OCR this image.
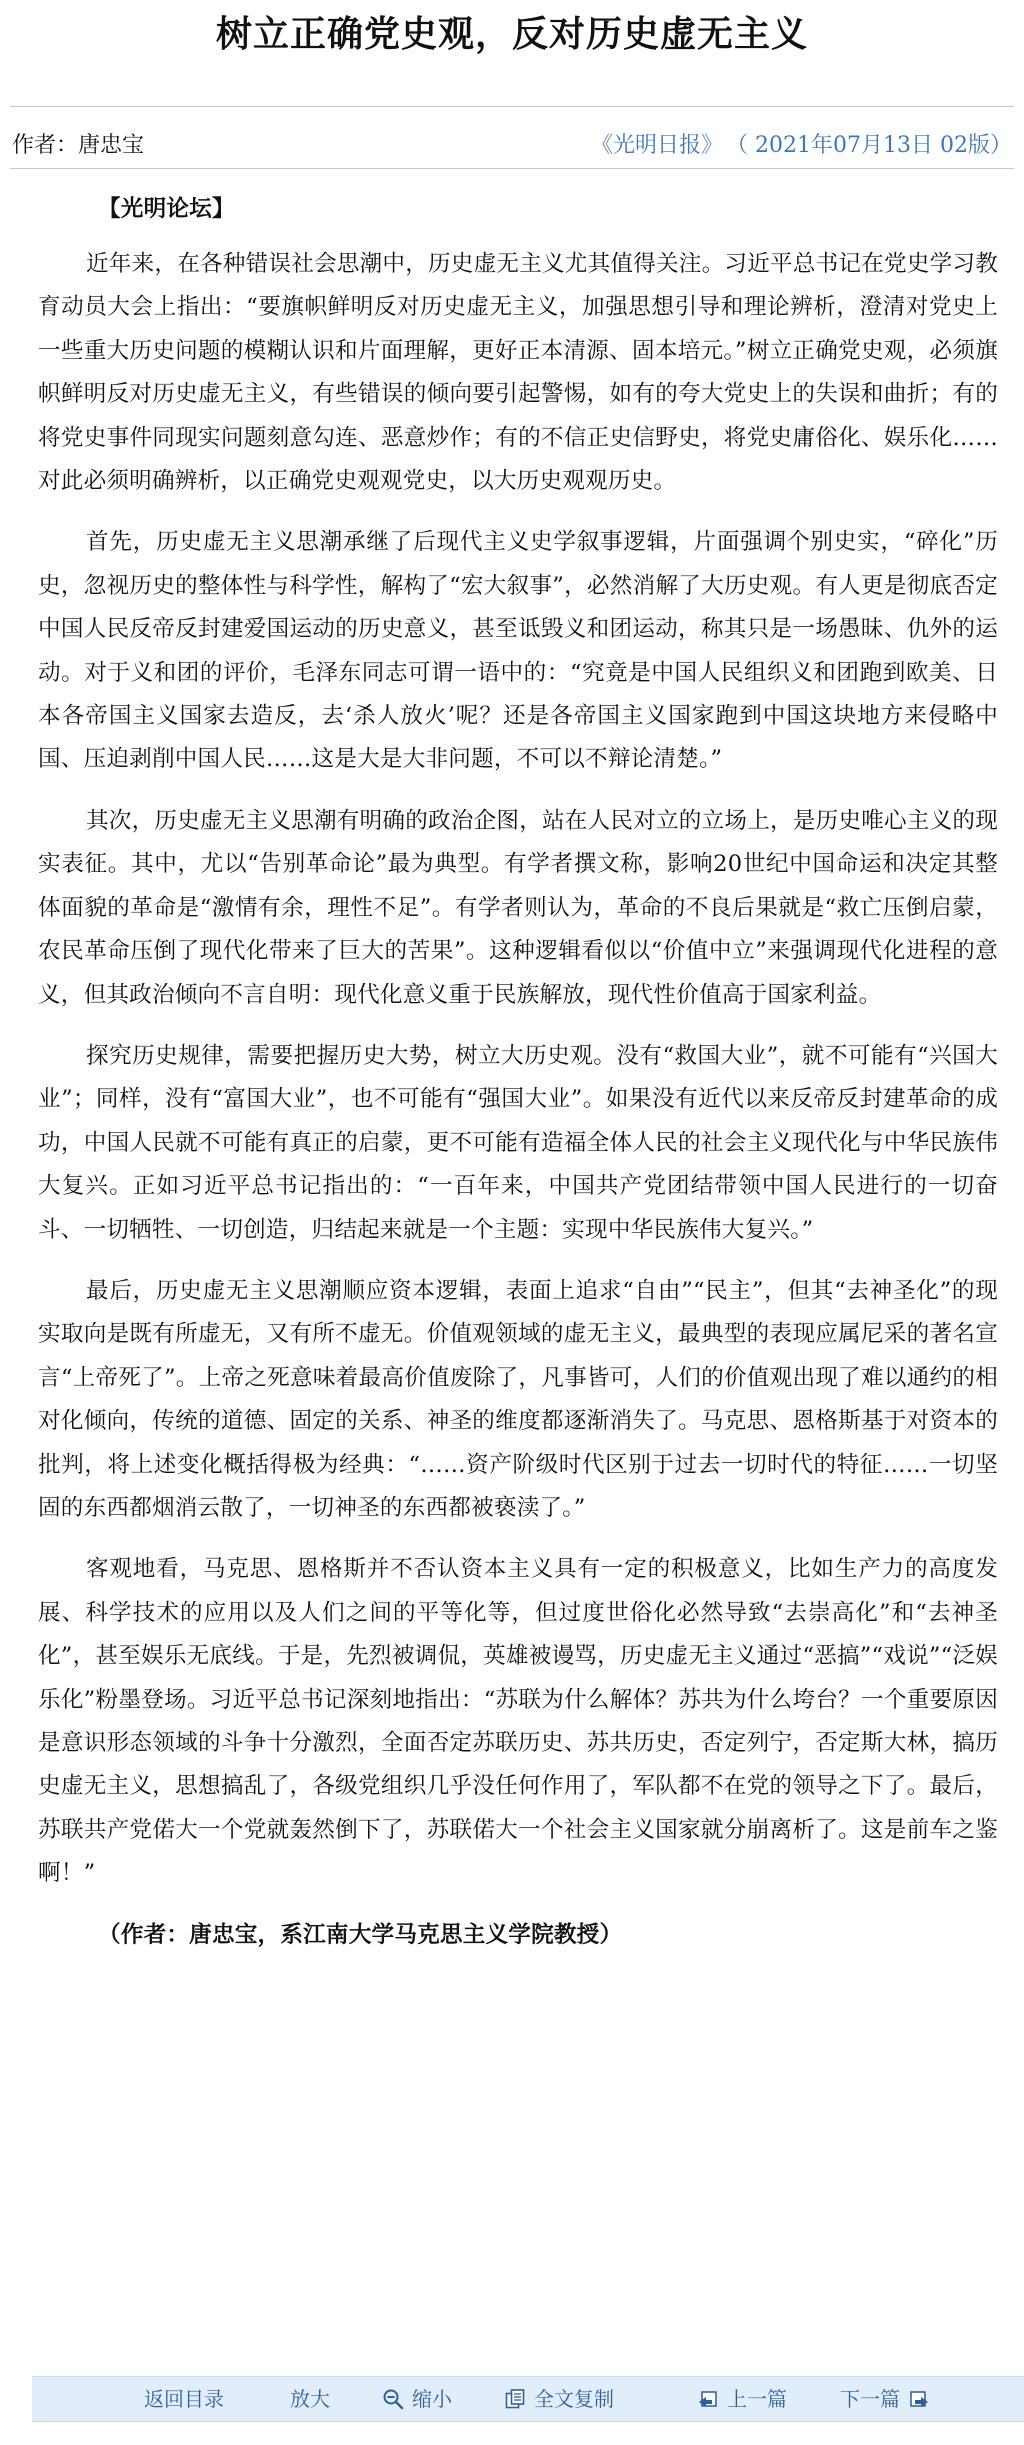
树立正确党史观，反对历史虚无主义
作者：唐忠宝	《光明日报》 （ 2021年07月13日 02版）
【光明论坛】

近年来，在各种错误社会思潮中，历史虚无主义尤其值得关注。习近平总书记在党史学习教育动员大会上指出：“要旗帜鲜明反对历史虚无主义，加强思想引导和理论辨析，澄清对党史上一些重大历史问题的模糊认识和片面理解，更好正本清源、固本培元。”树立正确党史观，必须旗帜鲜明反对历史虚无主义，有些错误的倾向要引起警惕，如有的夸大党史上的失误和曲折；有的将党史事件同现实问题刻意勾连、恶意炒作；有的不信正史信野史，将党史庸俗化、娱乐化……对此必须明确辨析，以正确党史观观党史，以大历史观观历史。

首先，历史虚无主义思潮承继了后现代主义史学叙事逻辑，片面强调个别史实，“碎化”历史，忽视历史的整体性与科学性，解构了“宏大叙事”，必然消解了大历史观。有人更是彻底否定中国人民反帝反封建爱国运动的历史意义，甚至诋毁义和团运动，称其只是一场愚昧、仇外的运动。对于义和团的评价，毛泽东同志可谓一语中的：“究竟是中国人民组织义和团跑到欧美、日本各帝国主义国家去造反，去‘杀人放火’呢？还是各帝国主义国家跑到中国这块地方来侵略中国、压迫剥削中国人民……这是大是大非问题，不可以不辩论清楚。”

其次，历史虚无主义思潮有明确的政治企图，站在人民对立的立场上，是历史唯心主义的现实表征。其中，尤以“告别革命论”最为典型。有学者撰文称，影响20世纪中国命运和决定其整体面貌的革命是“激情有余，理性不足”。有学者则认为，革命的不良后果就是“救亡压倒启蒙，农民革命压倒了现代化带来了巨大的苦果”。这种逻辑看似以“价值中立”来强调现代化进程的意义，但其政治倾向不言自明：现代化意义重于民族解放，现代性价值高于国家利益。

探究历史规律，需要把握历史大势，树立大历史观。没有“救国大业”，就不可能有“兴国大业”；同样，没有“富国大业”，也不可能有“强国大业”。如果没有近代以来反帝反封建革命的成功，中国人民就不可能有真正的启蒙，更不可能有造福全体人民的社会主义现代化与中华民族伟大复兴。正如习近平总书记指出的：“一百年来，中国共产党团结带领中国人民进行的一切奋斗、一切牺牲、一切创造，归结起来就是一个主题：实现中华民族伟大复兴。”

最后，历史虚无主义思潮顺应资本逻辑，表面上追求“自由”“民主”，但其“去神圣化”的现实取向是既有所虚无，又有所不虚无。价值观领域的虚无主义，最典型的表现应属尼采的著名宣言“上帝死了”。上帝之死意味着最高价值废除了，凡事皆可，人们的价值观出现了难以通约的相对化倾向，传统的道德、固定的关系、神圣的维度都逐渐消失了。马克思、恩格斯基于对资本的批判，将上述变化概括得极为经典：“……资产阶级时代区别于过去一切时代的特征……一切坚固的东西都烟消云散了，一切神圣的东西都被亵渎了。”

客观地看，马克思、恩格斯并不否认资本主义具有一定的积极意义，比如生产力的高度发展、科学技术的应用以及人们之间的平等化等，但过度世俗化必然导致“去崇高化”和“去神圣化”，甚至娱乐无底线。于是，先烈被调侃，英雄被谩骂，历史虚无主义通过“恶搞”“戏说”“泛娱乐化”粉墨登场。习近平总书记深刻地指出：“苏联为什么解体？苏共为什么垮台？一个重要原因是意识形态领域的斗争十分激烈，全面否定苏联历史、苏共历史，否定列宁，否定斯大林，搞历史虚无主义，思想搞乱了，各级党组织几乎没任何作用了，军队都不在党的领导之下了。最后，苏联共产党偌大一个党就轰然倒下了，苏联偌大一个社会主义国家就分崩离析了。这是前车之鉴啊！”

（作者：唐忠宝，系江南大学马克思主义学院教授）
返回目录	放大	缩小	全文复制	上一篇	下一篇
